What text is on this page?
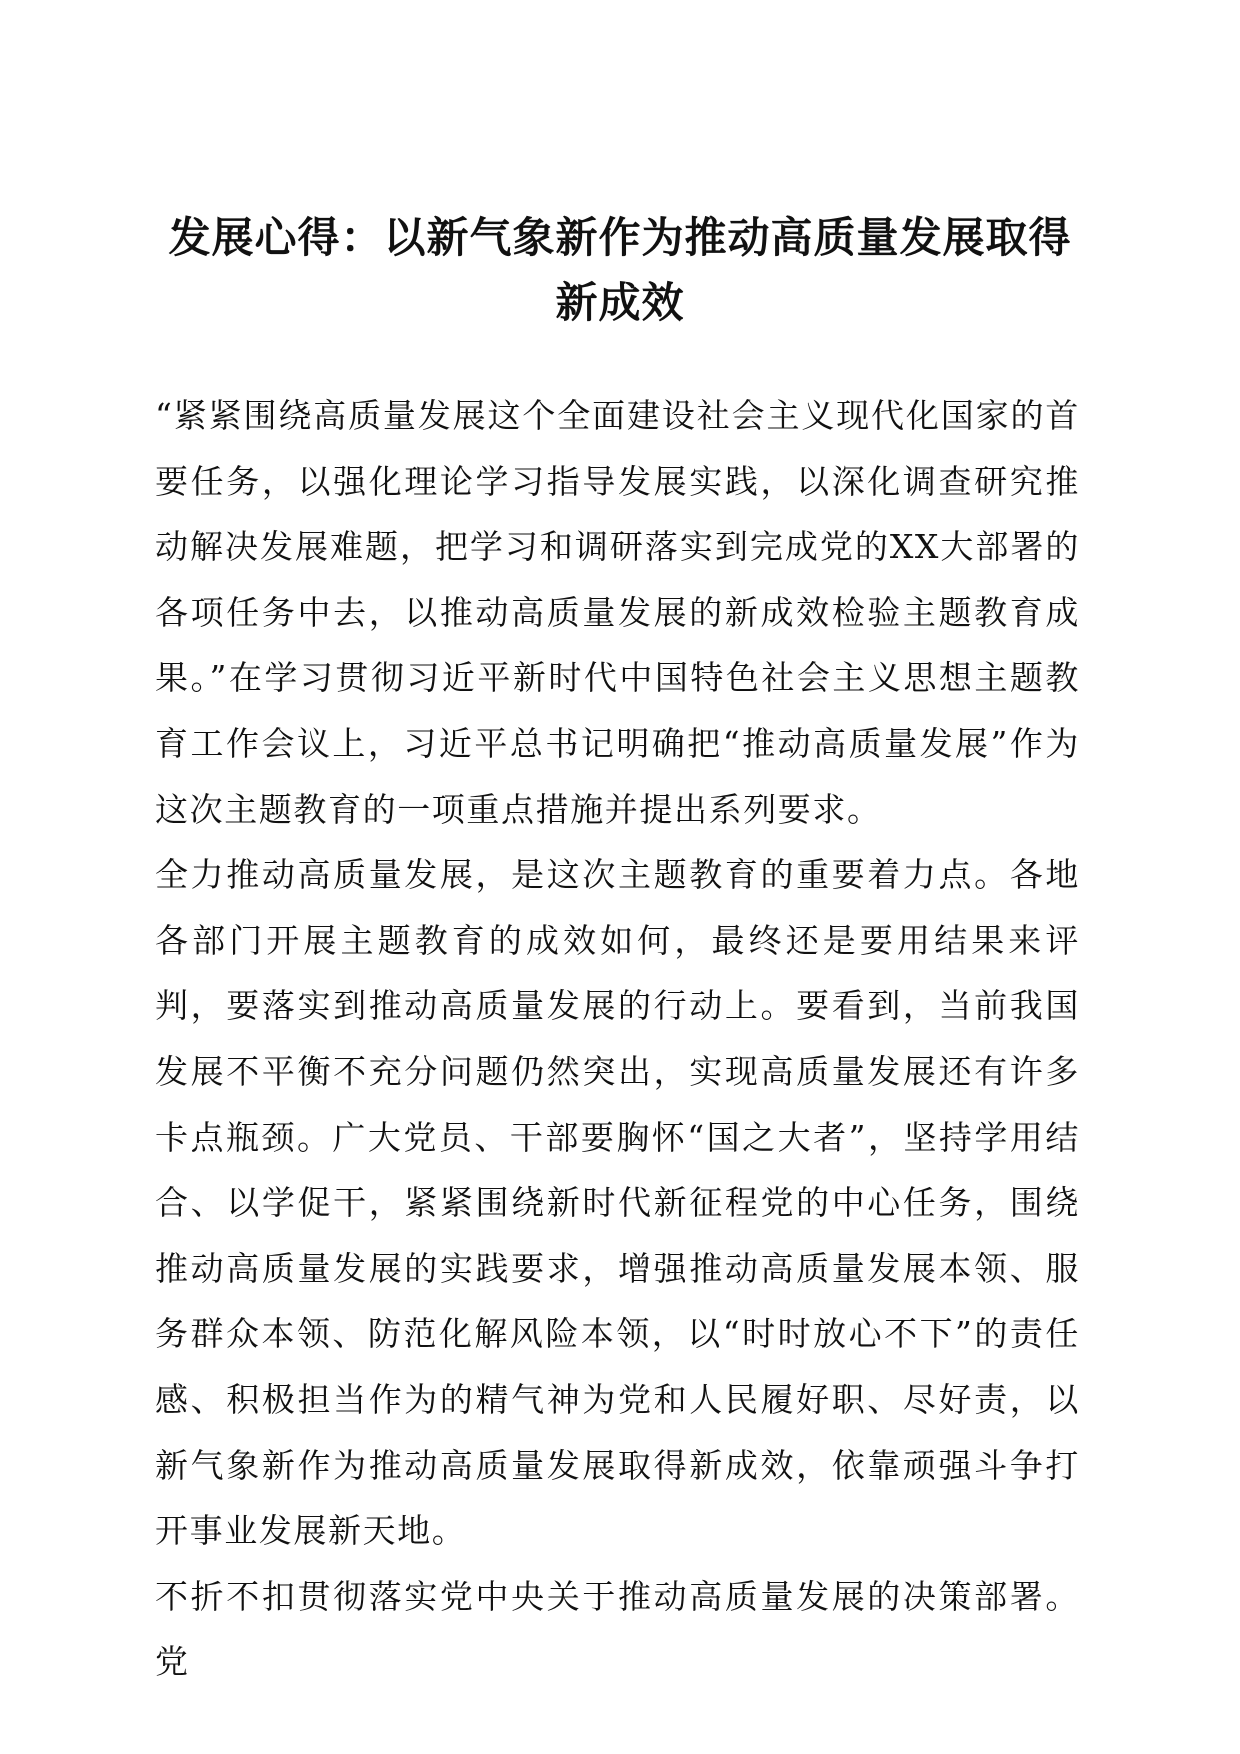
发展心得：以新气象新作为推动高质量发展取得新成效

“紧紧围绕高质量发展这个全面建设社会主义现代化国家的首要任务，以强化理论学习指导发展实践，以深化调查研究推动解决发展难题，把学习和调研落实到完成党的XX大部署的各项任务中去，以推动高质量发展的新成效检验主题教育成果。”在学习贯彻习近平新时代中国特色社会主义思想主题教育工作会议上，习近平总书记明确把“推动高质量发展”作为这次主题教育的一项重点措施并提出系列要求。

全力推动高质量发展，是这次主题教育的重要着力点。各地各部门开展主题教育的成效如何，最终还是要用结果来评判，要落实到推动高质量发展的行动上。要看到，当前我国发展不平衡不充分问题仍然突出，实现高质量发展还有许多卡点瓶颈。广大党员、干部要胸怀“国之大者”，坚持学用结合、以学促干，紧紧围绕新时代新征程党的中心任务，围绕推动高质量发展的实践要求，增强推动高质量发展本领、服务群众本领、防范化解风险本领，以“时时放心不下”的责任感、积极担当作为的精气神为党和人民履好职、尽好责，以新气象新作为推动高质量发展取得新成效，依靠顽强斗争打开事业发展新天地。

不折不扣贯彻落实党中央关于推动高质量发展的决策部署。党
